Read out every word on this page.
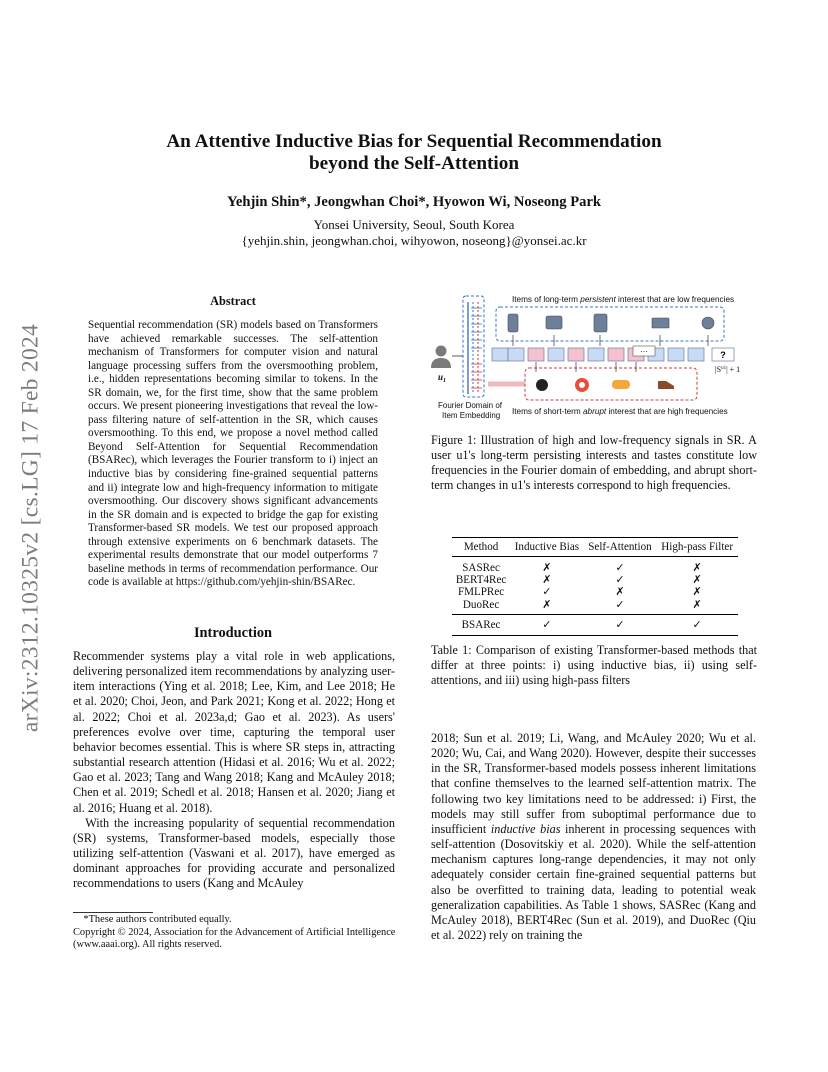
An Attentive Inductive Bias for Sequential Recommendation
beyond the Self-Attention
Yehjin Shin*, Jeongwhan Choi*, Hyowon Wi, Noseong Park
Yonsei University, Seoul, South Korea
{yehjin.shin, jeongwhan.choi, wihyowon, noseong}@yonsei.ac.kr
arXiv:2312.10325v2 [cs.LG] 17 Feb 2024
Abstract
Sequential recommendation (SR) models based on Transformers have achieved remarkable successes. The self-attention mechanism of Transformers for computer vision and natural language processing suffers from the oversmoothing problem, i.e., hidden representations becoming similar to tokens. In the SR domain, we, for the first time, show that the same problem occurs. We present pioneering investigations that reveal the low-pass filtering nature of self-attention in the SR, which causes oversmoothing. To this end, we propose a novel method called Beyond Self-Attention for Sequential Recommendation (BSARec), which leverages the Fourier transform to i) inject an inductive bias by considering fine-grained sequential patterns and ii) integrate low and high-frequency information to mitigate oversmoothing. Our discovery shows significant advancements in the SR domain and is expected to bridge the gap for existing Transformer-based SR models. We test our proposed approach through extensive experiments on 6 benchmark datasets. The experimental results demonstrate that our model outperforms 7 baseline methods in terms of recommendation performance. Our code is available at https://github.com/yehjin-shin/BSARec.
Introduction

Recommender systems play a vital role in web applications, delivering personalized item recommendations by analyzing user-item interactions (Ying et al. 2018; Lee, Kim, and Lee 2018; He et al. 2020; Choi, Jeon, and Park 2021; Kong et al. 2022; Hong et al. 2022; Choi et al. 2023a,d; Gao et al. 2023). As users' preferences evolve over time, capturing the temporal user behavior becomes essential. This is where SR steps in, attracting substantial research attention (Hidasi et al. 2016; Wu et al. 2022; Gao et al. 2023; Tang and Wang 2018; Kang and McAuley 2018; Chen et al. 2019; Schedl et al. 2018; Hansen et al. 2020; Jiang et al. 2016; Huang et al. 2018).

With the increasing popularity of sequential recommendation (SR) systems, Transformer-based models, especially those utilizing self-attention (Vaswani et al. 2017), have emerged as dominant approaches for providing accurate and personalized recommendations to users (Kang and McAuley

*These authors contributed equally.
Copyright © 2024, Association for the Advancement of Artificial Intelligence (www.aaai.org). All rights reserved.
Items of long-term persistent interest that are low frequencies
$u_1$
···	?
$|S^{u1}| + 1$
Fourier Domain of
Item Embedding Items of short-term abrupt interest that are high frequencies
Figure 1: Illustration of high and low-frequency signals in SR. A user u1's long-term persisting interests and tastes constitute low frequencies in the Fourier domain of embedding, and abrupt short-term changes in u1's interests correspond to high frequencies.
Method	Inductive Bias	Self-Attention	High-pass Filter
SASRec	✗	✓	✗
BERT4Rec	✗	✓	✗
FMLPRec	✓	✗	✗
DuoRec	✗	✓	✗
BSARec	✓	✓	✓
Table 1: Comparison of existing Transformer-based methods that differ at three points: i) using inductive bias, ii) using self-attentions, and iii) using high-pass filters
2018; Sun et al. 2019; Li, Wang, and McAuley 2020; Wu et al. 2020; Wu, Cai, and Wang 2020). However, despite their successes in the SR, Transformer-based models possess inherent limitations that confine themselves to the learned self-attention matrix. The following two key limitations need to be addressed: i) First, the models may still suffer from suboptimal performance due to insufficient inductive bias inherent in processing sequences with self-attention (Dosovitskiy et al. 2020). While the self-attention mechanism captures long-range dependencies, it may not only adequately consider certain fine-grained sequential patterns but also be overfitted to training data, leading to potential weak generalization capabilities. As Table 1 shows, SASRec (Kang and McAuley 2018), BERT4Rec (Sun et al. 2019), and DuoRec (Qiu et al. 2022) rely on training the
